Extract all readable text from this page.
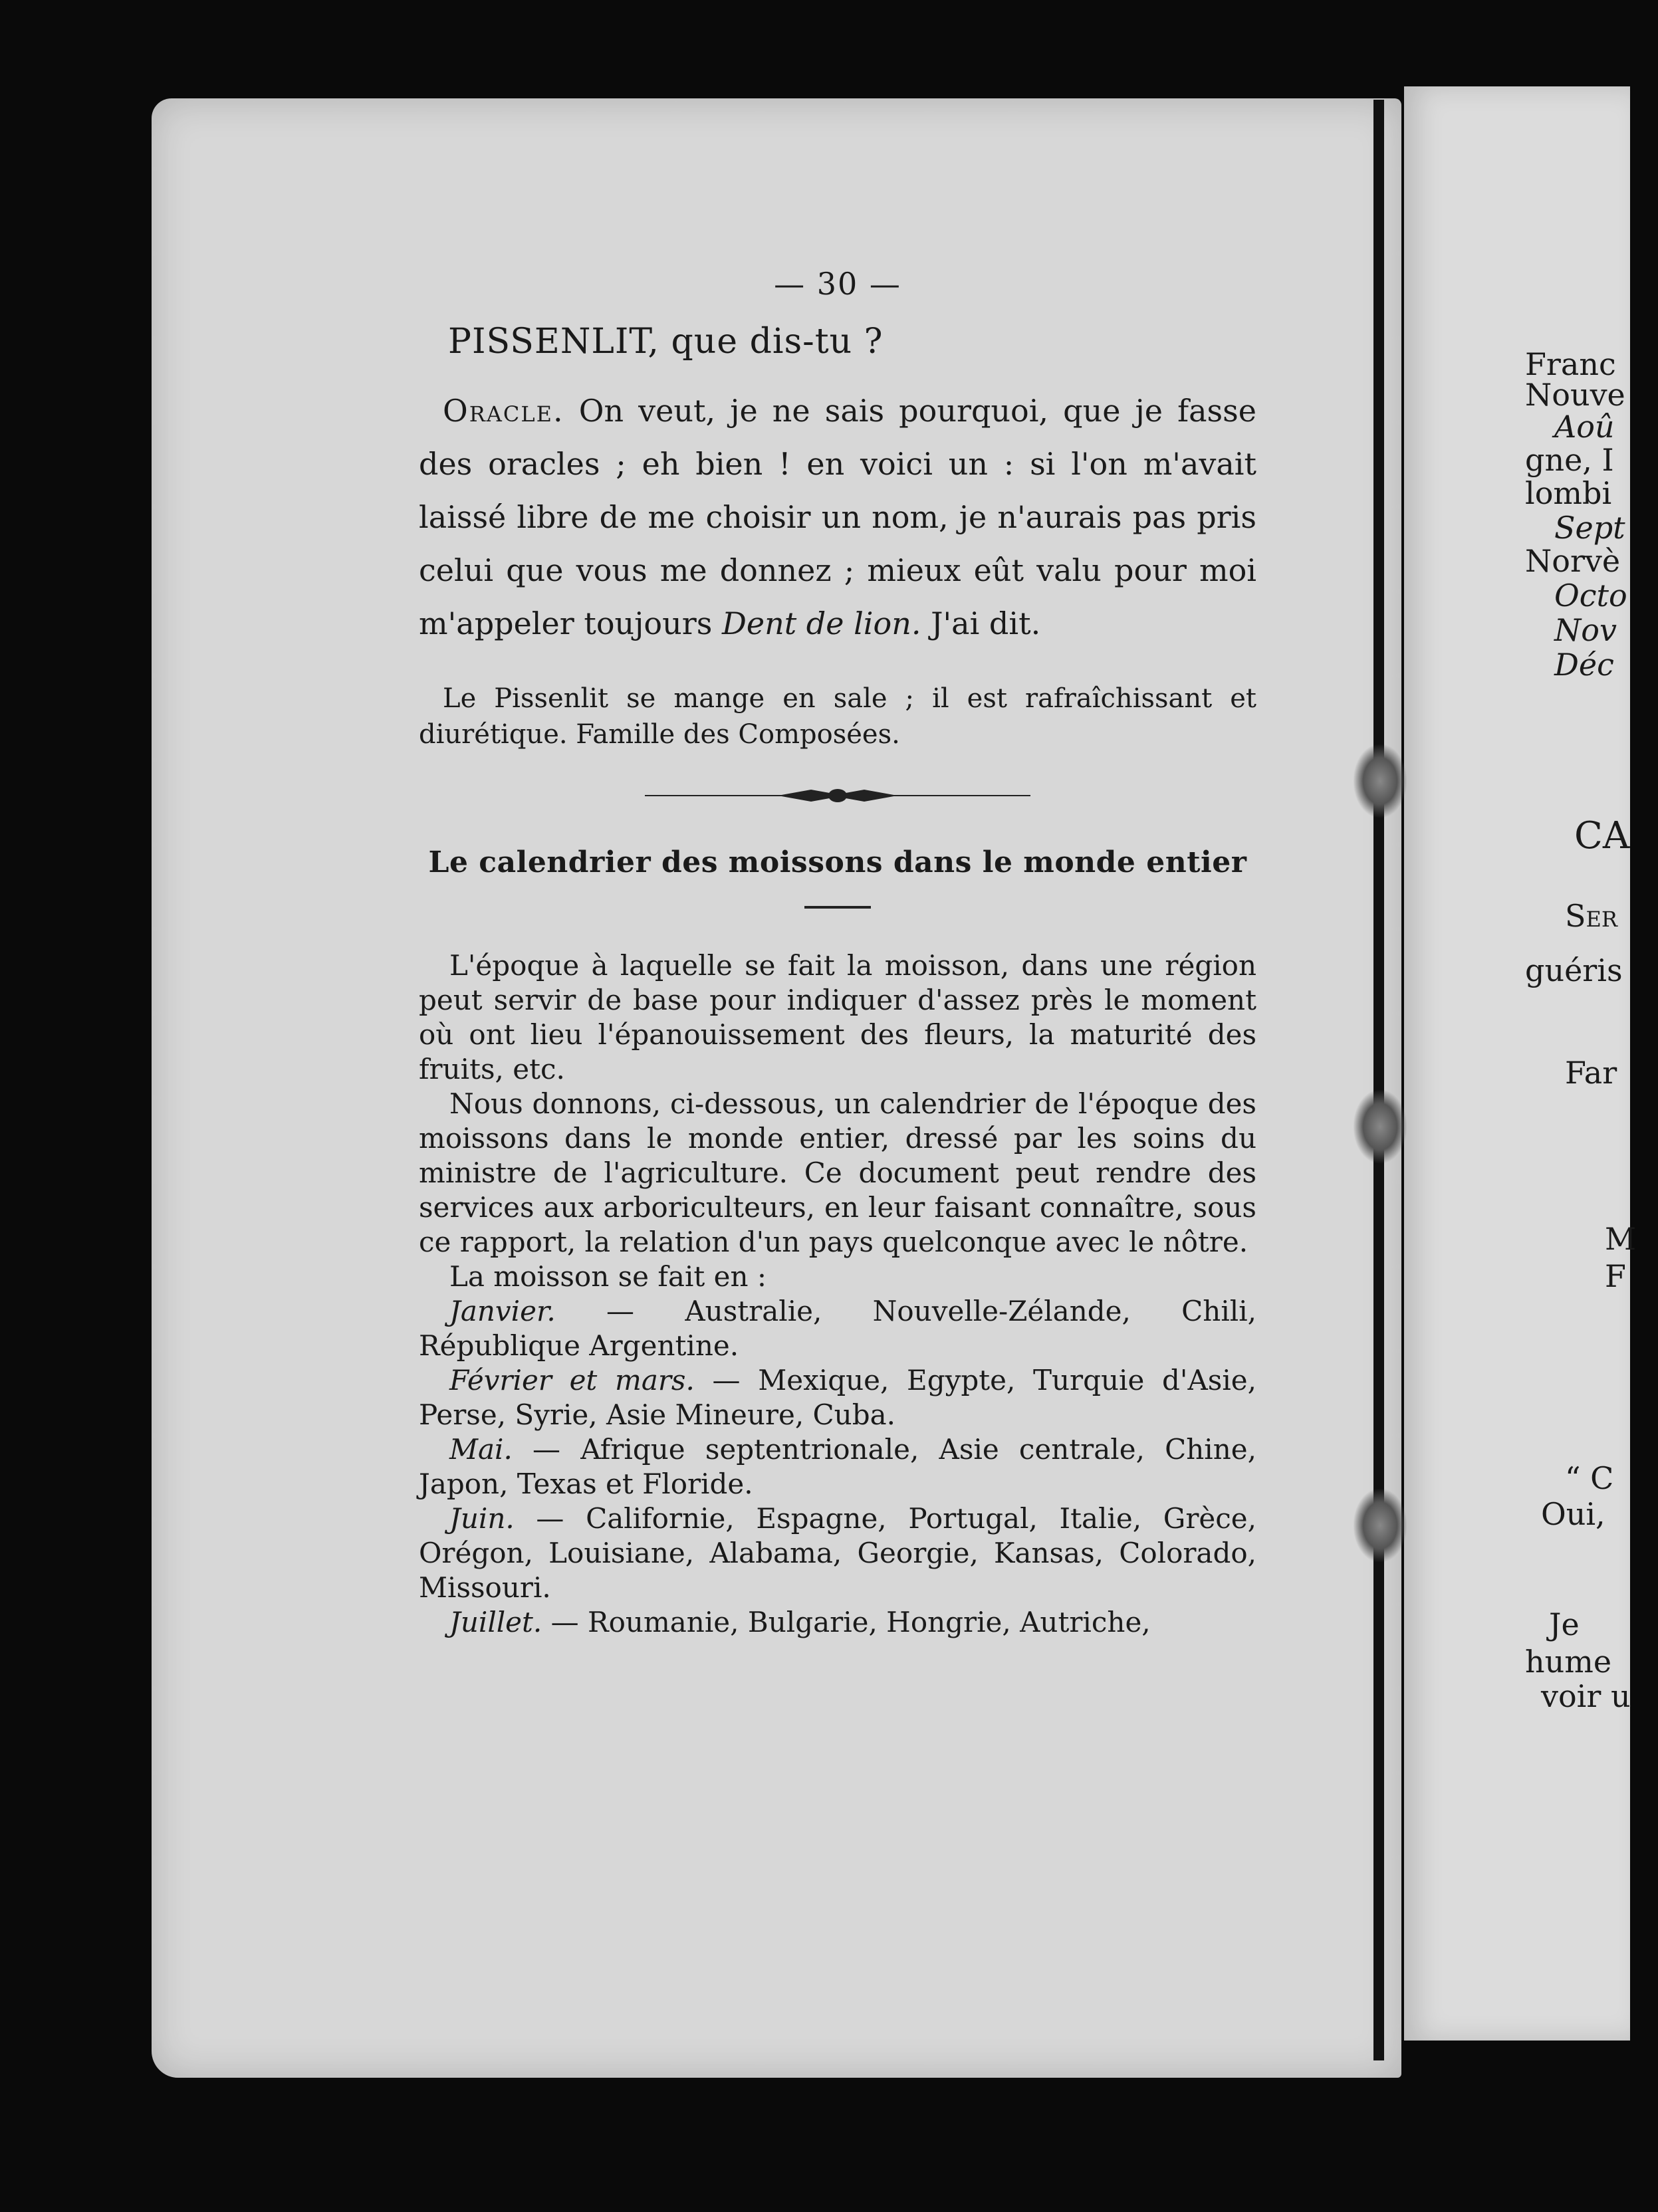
— 30 —
PISSENLIT, que dis-tu ?

Oracle. On veut, je ne sais pourquoi, que je fasse des oracles ; eh bien ! en voici un : si l'on m'avait laissé libre de me choisir un nom, je n'aurais pas pris celui que vous me donnez ; mieux eût valu pour moi m'appeler toujours Dent de lion. J'ai dit.

Le Pissenlit se mange en sale ; il est rafraîchissant et diurétique. Famille des Composées.

Le calendrier des moissons dans le monde entier

L'époque à laquelle se fait la moisson, dans une région peut servir de base pour indiquer d'assez près le moment où ont lieu l'épanouissement des fleurs, la maturité des fruits, etc.

Nous donnons, ci-dessous, un calendrier de l'époque des moissons dans le monde entier, dressé par les soins du ministre de l'agriculture. Ce document peut rendre des services aux arboriculteurs, en leur faisant connaître, sous ce rapport, la relation d'un pays quelconque avec le nôtre.

La moisson se fait en :

Janvier. — Australie, Nouvelle-Zélande, Chili, République Argentine.

Février et mars. — Mexique, Egypte, Turquie d'Asie, Perse, Syrie, Asie Mineure, Cuba.

Mai. — Afrique septentrionale, Asie centrale, Chine, Japon, Texas et Floride.

Juin. — Californie, Espagne, Portugal, Italie, Grèce, Orégon, Louisiane, Alabama, Georgie, Kansas, Colorado, Missouri.

Juillet. — Roumanie, Bulgarie, Hongrie, Autriche,

Franc
Nouve
Aoû
gne, I
lombi
Sept
Norvè
Octo
Nov
Déc
CA
Ser
guéris
Far
M
F
“ C
Oui,
Je
hume
voir u
